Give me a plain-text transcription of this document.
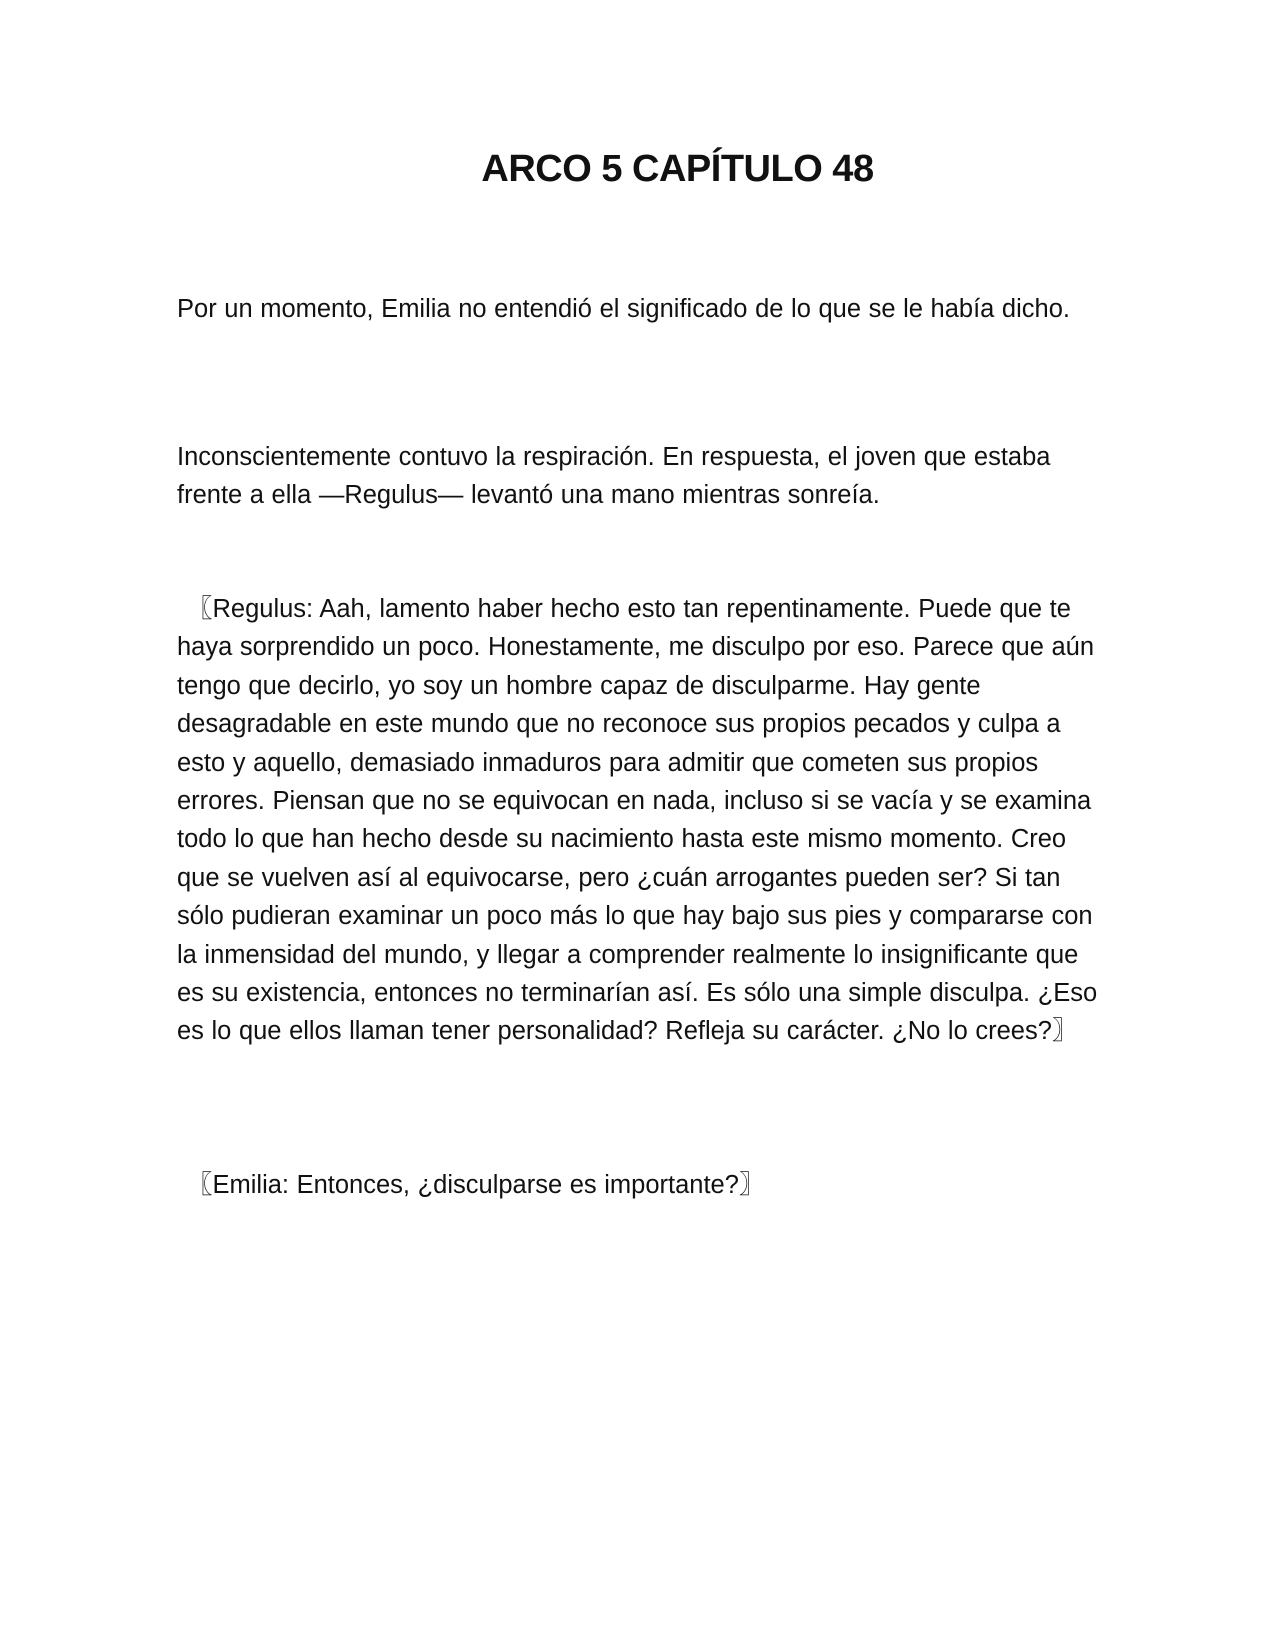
ARCO 5 CAPÍTULO 48

Por un momento, Emilia no entendió el significado de lo que se le había dicho.

Inconscientemente contuvo la respiración. En respuesta, el joven que estaba frente a ella —Regulus— levantó una mano mientras sonreía.

〖Regulus: Aah, lamento haber hecho esto tan repentinamente. Puede que te haya sorprendido un poco. Honestamente, me disculpo por eso. Parece que aún tengo que decirlo, yo soy un hombre capaz de disculparme. Hay gente desagradable en este mundo que no reconoce sus propios pecados y culpa a esto y aquello, demasiado inmaduros para admitir que cometen sus propios errores. Piensan que no se equivocan en nada, incluso si se vacía y se examina todo lo que han hecho desde su nacimiento hasta este mismo momento. Creo que se vuelven así al equivocarse, pero ¿cuán arrogantes pueden ser? Si tan sólo pudieran examinar un poco más lo que hay bajo sus pies y compararse con la inmensidad del mundo, y llegar a comprender realmente lo insignificante que es su existencia, entonces no terminarían así. Es sólo una simple disculpa. ¿Eso es lo que ellos llaman tener personalidad? Refleja su carácter. ¿No lo crees?〗

〖Emilia: Entonces, ¿disculparse es importante?〗
